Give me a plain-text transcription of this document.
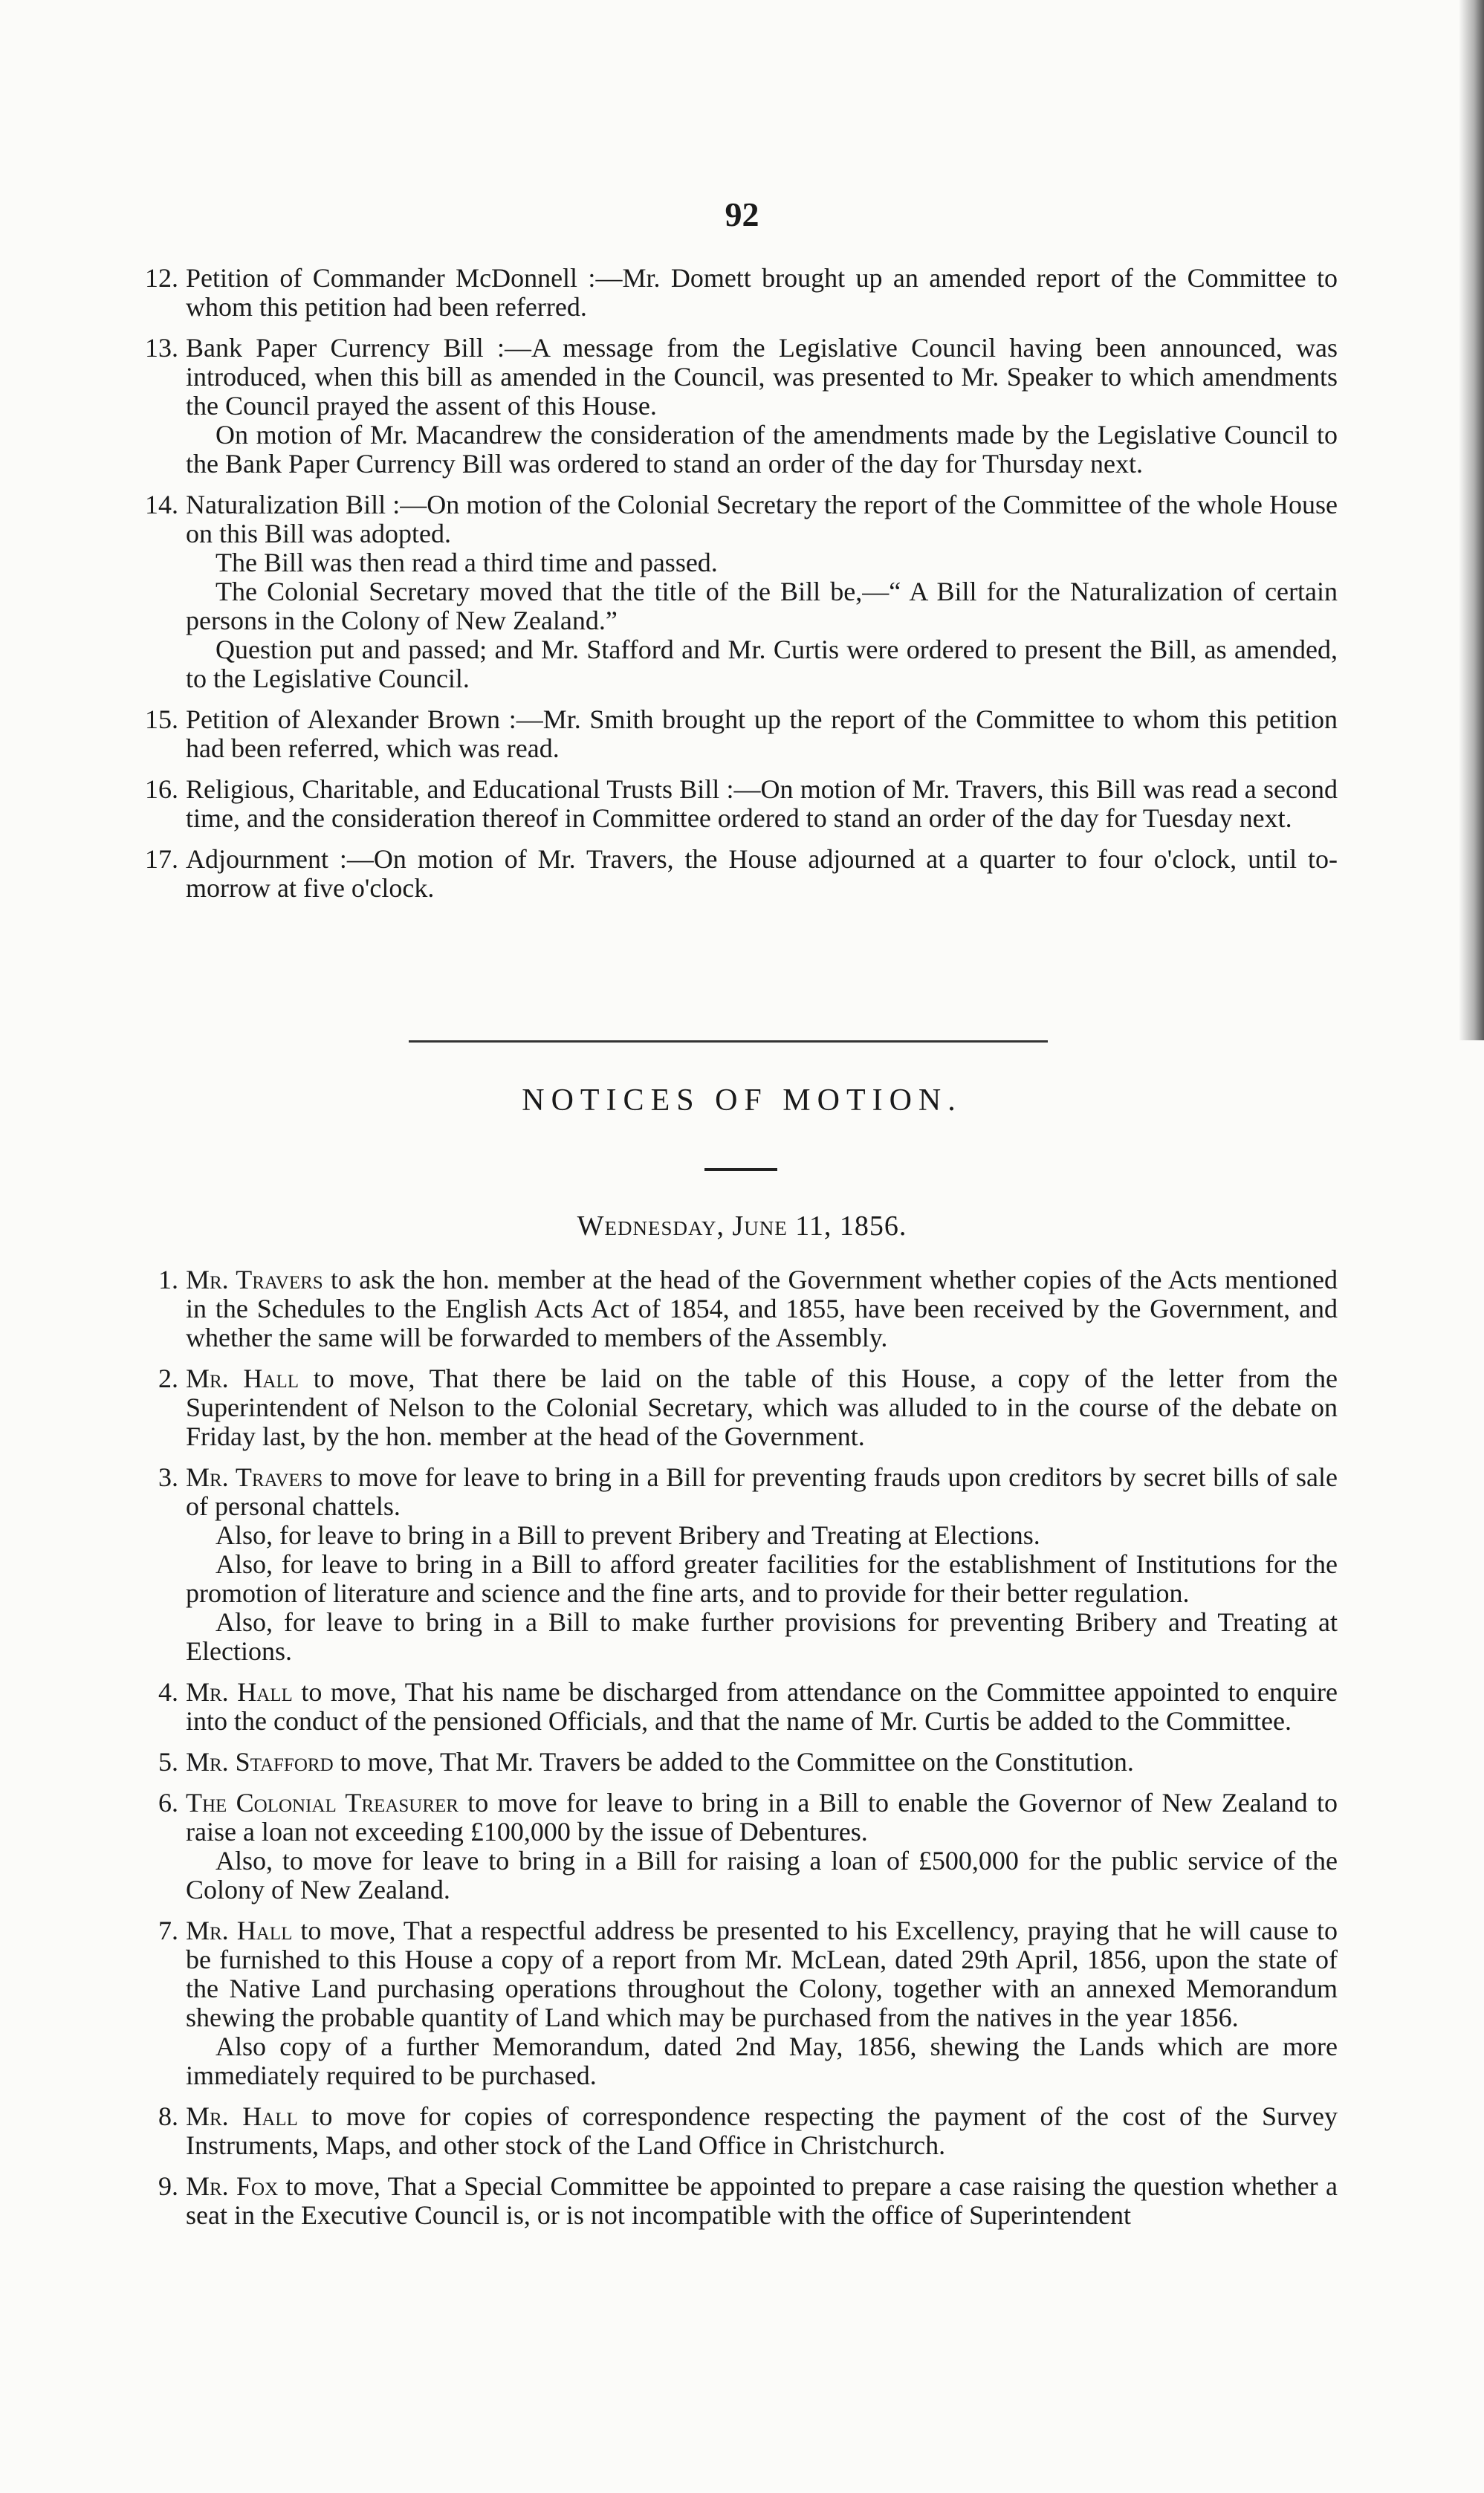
92
12. Petition of Commander McDonnell :—Mr. Domett brought up an amended report of the Committee to whom this petition had been referred.
13. Bank Paper Currency Bill :—A message from the Legislative Council having been announced, was introduced, when this bill as amended in the Council, was presented to Mr. Speaker to which amendments the Council prayed the assent of this House.
On motion of Mr. Macandrew the consideration of the amendments made by the Legislative Council to the Bank Paper Currency Bill was ordered to stand an order of the day for Thursday next.
14. Naturalization Bill :—On motion of the Colonial Secretary the report of the Committee of the whole House on this Bill was adopted.
The Bill was then read a third time and passed.
The Colonial Secretary moved that the title of the Bill be,—“ A Bill for the Naturalization of certain persons in the Colony of New Zealand.”
Question put and passed; and Mr. Stafford and Mr. Curtis were ordered to present the Bill, as amended, to the Legislative Council.
15. Petition of Alexander Brown :—Mr. Smith brought up the report of the Committee to whom this petition had been referred, which was read.
16. Religious, Charitable, and Educational Trusts Bill :—On motion of Mr. Travers, this Bill was read a second time, and the consideration thereof in Committee ordered to stand an order of the day for Tuesday next.
17. Adjournment :—On motion of Mr. Travers, the House adjourned at a quarter to four o'clock, until to-morrow at five o'clock.
NOTICES OF MOTION.
Wednesday, June 11, 1856.
1. Mr. Travers to ask the hon. member at the head of the Government whether copies of the Acts mentioned in the Schedules to the English Acts Act of 1854, and 1855, have been received by the Government, and whether the same will be forwarded to members of the Assembly.
2. Mr. Hall to move, That there be laid on the table of this House, a copy of the letter from the Superintendent of Nelson to the Colonial Secretary, which was alluded to in the course of the debate on Friday last, by the hon. member at the head of the Government.
3. Mr. Travers to move for leave to bring in a Bill for preventing frauds upon creditors by secret bills of sale of personal chattels.
Also, for leave to bring in a Bill to prevent Bribery and Treating at Elections.
Also, for leave to bring in a Bill to afford greater facilities for the establishment of Institutions for the promotion of literature and science and the fine arts, and to provide for their better regulation.
Also, for leave to bring in a Bill to make further provisions for preventing Bribery and Treating at Elections.
4. Mr. Hall to move, That his name be discharged from attendance on the Committee appointed to enquire into the conduct of the pensioned Officials, and that the name of Mr. Curtis be added to the Committee.
5. Mr. Stafford to move, That Mr. Travers be added to the Committee on the Constitution.
6. The Colonial Treasurer to move for leave to bring in a Bill to enable the Governor of New Zealand to raise a loan not exceeding £100,000 by the issue of Debentures.
Also, to move for leave to bring in a Bill for raising a loan of £500,000 for the public service of the Colony of New Zealand.
7. Mr. Hall to move, That a respectful address be presented to his Excellency, praying that he will cause to be furnished to this House a copy of a report from Mr. McLean, dated 29th April, 1856, upon the state of the Native Land purchasing operations throughout the Colony, together with an annexed Memorandum shewing the probable quantity of Land which may be purchased from the natives in the year 1856.
Also copy of a further Memorandum, dated 2nd May, 1856, shewing the Lands which are more immediately required to be purchased.
8. Mr. Hall to move for copies of correspondence respecting the payment of the cost of the Survey Instruments, Maps, and other stock of the Land Office in Christchurch.
9. Mr. Fox to move, That a Special Committee be appointed to prepare a case raising the question whether a seat in the Executive Council is, or is not incompatible with the office of Superintendent
